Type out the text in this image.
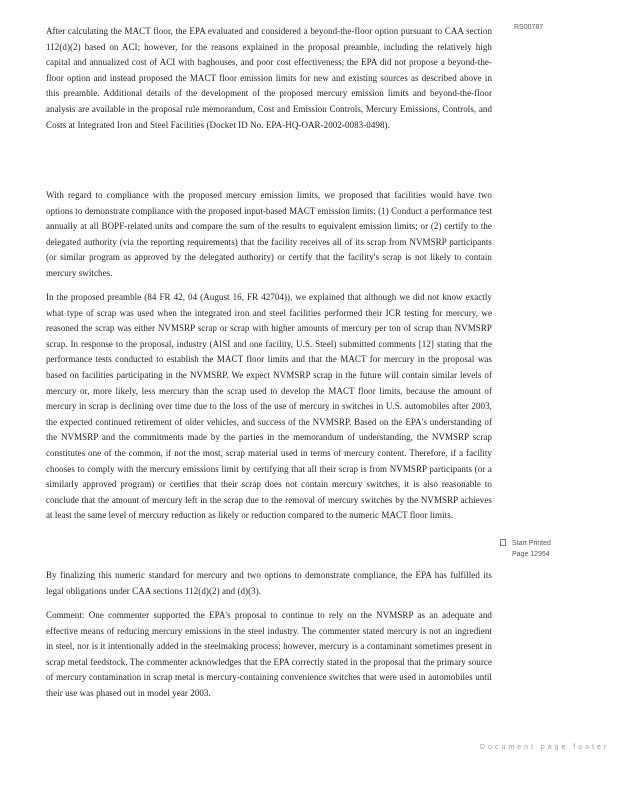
After calculating the MACT floor, the EPA evaluated and considered a beyond-the-floor option pursuant to CAA section 112(d)(2) based on ACI; however, for the reasons explained in the proposal preamble, including the relatively high capital and annualized cost of ACI with baghouses, and poor cost effectiveness, the EPA did not propose a beyond-the-floor option and instead proposed the MACT floor emission limits for new and existing sources as described above in this preamble. Additional details of the development of the proposed mercury emission limits and beyond-the-floor analysis are available in the proposal rule memorandum, Cost and Emission Controls, Mercury Emissions, Controls, and Costs at Integrated Iron and Steel Facilities (Docket ID No. EPA-HQ-OAR-2002-0083-0498).

With regard to compliance with the proposed mercury emission limits, we proposed that facilities would have two options to demonstrate compliance with the proposed input-based MACT emission limits: (1) Conduct a performance test annually at all BOPF-related units and compare the sum of the results to equivalent emission limits; or (2) certify to the delegated authority (via the reporting requirements) that the facility receives all of its scrap from NVMSRP participants (or similar program as approved by the delegated authority) or certify that the facility's scrap is not likely to contain mercury switches.

In the proposed preamble (84 FR 42, 04 (August 16, FR 42704)), we explained that although we did not know exactly what type of scrap was used when the integrated iron and steel facilities performed their ICR testing for mercury, we reasoned the scrap was either NVMSRP scrap or scrap with higher amounts of mercury per ton of scrap than NVMSRP scrap. In response to the proposal, industry (AISI and one facility, U.S. Steel) submitted comments [12] stating that the performance tests conducted to establish the MACT floor limits and that the MACT for mercury in the proposal was based on facilities participating in the NVMSRP. We expect NVMSRP scrap in the future will contain similar levels of mercury or, more likely, less mercury than the scrap used to develop the MACT floor limits, because the amount of mercury in scrap is declining over time due to the loss of the use of mercury in switches in U.S. automobiles after 2003, the expected continued retirement of older vehicles, and success of the NVMSRP. Based on the EPA's understanding of the NVMSRP and the commitments made by the parties in the memorandum of understanding, the NVMSRP scrap constitutes one of the common, if not the most, scrap material used in terms of mercury content. Therefore, if a facility chooses to comply with the mercury emissions limit by certifying that all their scrap is from NVMSRP participants (or a similarly approved program) or certifies that their scrap does not contain mercury switches, it is also reasonable to conclude that the amount of mercury left in the scrap due to the removal of mercury switches by the NVMSRP achieves at least the same level of mercury reduction as likely or reduction compared to the numeric MACT floor limits.

By finalizing this numeric standard for mercury and two options to demonstrate compliance, the EPA has fulfilled its legal obligations under CAA sections 112(d)(2) and (d)(3).

Comment: One commenter supported the EPA's proposal to continue to rely on the NVMSRP as an adequate and effective means of reducing mercury emissions in the steel industry. The commenter stated mercury is not an ingredient in steel, nor is it intentionally added in the steelmaking process; however, mercury is a contaminant sometimes present in scrap metal feedstock. The commenter acknowledges that the EPA correctly stated in the proposal that the primary source of mercury contamination in scrap metal is mercury-containing convenience switches that were used in automobiles until their use was phased out in model year 2003.

RS00787
Start Printed
Page 12954
Document page footer
